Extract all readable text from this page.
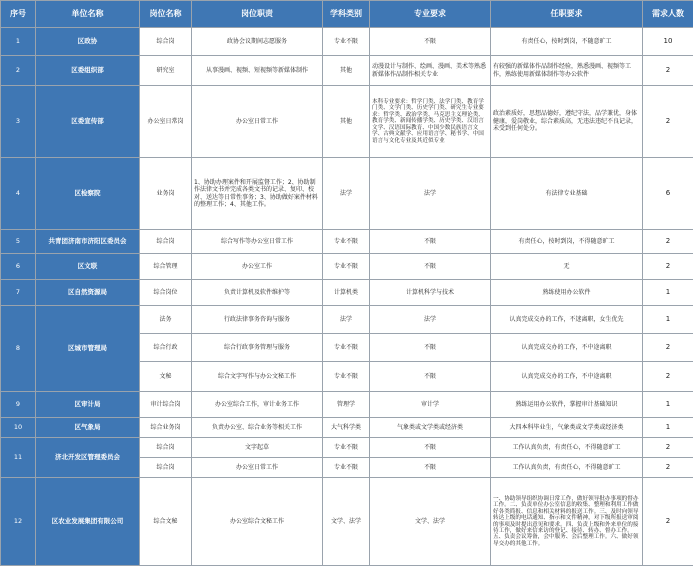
序号	单位名称	岗位名称	岗位职责	学科类别	专业要求	任职要求	需求人数
1	区政协	综合岗	政协会议期间志愿服务	专业不限	不限	有责任心，按时到岗，不随意旷工	10
2	区委组织部	研究室	从事漫画、视频、短视频等新媒体制作	其他	动漫设计与制作、绘画、漫画、美术等熟悉新媒体作品制作相关专业	有较强的新媒体作品制作经验，熟悉漫画、视频等工作，熟练使用新媒体制作等办公软件	2
3	区委宣传部	办公室日常岗	办公室日常工作	其他	本科专业要求：哲学门类、法学门类、教育学门类、文学门类、历史学门类、研究生专业要求：哲学类、政治学类、马克思主义理论类、教育学类、新闻传播学类、历史学类、汉语言文学、汉语国际教育、中国少数民族语言文学、古典文献学、应用语言学、秘书学、中国语言与文化专业及其近似专业	政治素质好，思想品德好，遵纪守法，品学兼优，身体健康，爱岗敬业，综合素质高，无违法违纪不良记录，未受到任何处分。	2
4	区检察院	业务岗	1、协助办理案件和开展监督工作；2、协助制作法律文书并完成各类文书的记录、复印、校对、送达等日常性事务；3、协助做好案件材料的整理工作；4、其他工作。	法学	法学	有法律专业基础	6
5	共青团济南市济阳区委员会	综合岗	综合写作等办公室日常工作	专业不限	不限	有责任心，按时到岗，不得随意旷工	2
6	区文联	综合管理	办公室工作	专业不限	不限	无	2
7	区自然资源局	综合岗位	负责计算机及软件维护等	计算机类	计算机科学与技术	熟练使用办公软件	1
8	区城市管理局	法务	行政法律事务咨询与服务	法学	法学	认真完成交办的工作，不迷离职，女生优先	1
		综合行政	综合行政事务管理与服务	专业不限	不限	认真完成交办的工作，不中途离职	2
		文秘	综合文字写作与办公文秘工作	专业不限	不限	认真完成交办的工作，不中途离职	2
9	区审计局	审计综合岗	办公室综合工作，审计业务工作	管理学	审计学	熟练运用办公软件，掌握审计基础知识	1
10	区气象局	综合业务岗	负责办公室、综合业务等相关工作	大气科学类	气象类或文学类或经济类	大四本科毕业生，气象类或文学类或经济类	1
11	济北开发区管理委员会	综合岗	文字起草	专业不限	不限	工作认真负责，有责任心，不得随意旷工	2
		综合岗	办公室日常工作	专业不限	不限	工作认真负责，有责任心，不得随意旷工	2
12	区农业发展集团有限公司	综合文秘	办公室综合文秘工作	文学、法学	文学、法学	一、协助领导组织协调日常工作，做好领导批办事项的督办工作。二、负责单位办公室信息的收集、整理和利用工作做好各类简报、信息和相关材料的报送工作。三、及时向领导转达上级的电话通知、指示和文件精神，对下级所报送审阅的事项及时提出意见和要求。四、负责上级和外来单位的接待工作，做好来信来访的登记、接待、转办、督办工作。五、负责会议筹备，会中服务、会后整理工作。六、做好领导交办的其他工作。	2
